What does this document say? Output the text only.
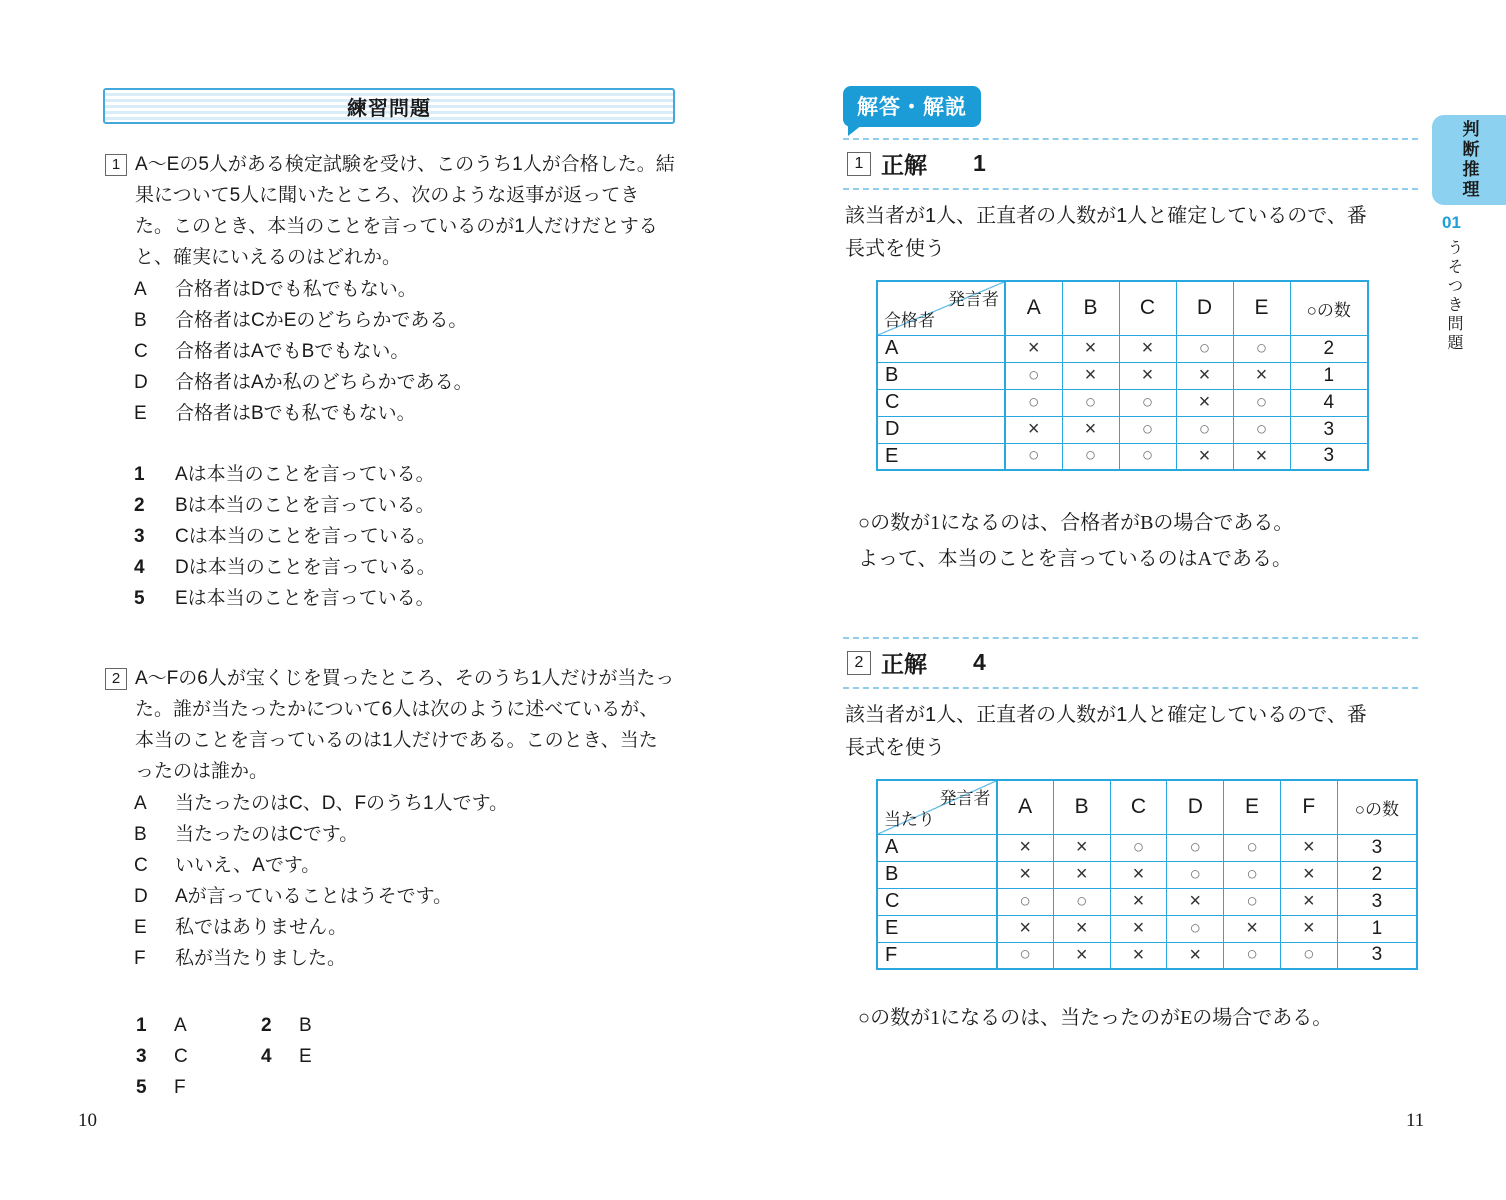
練習問題
1 A〜Eの5人がある検定試験を受け、このうち1人が合格した。結果について5人に聞いたところ、次のような返事が返ってきた。このとき、本当のことを言っているのが1人だけだとすると、確実にいえるのはどれか。
A	合格者はDでも私でもない。
B	合格者はCかEのどちらかである。
C	合格者はAでもBでもない。
D	合格者はAか私のどちらかである。
E	合格者はBでも私でもない。
1	Aは本当のことを言っている。
2	Bは本当のことを言っている。
3	Cは本当のことを言っている。
4	Dは本当のことを言っている。
5	Eは本当のことを言っている。
2 A〜Fの6人が宝くじを買ったところ、そのうち1人だけが当たった。誰が当たったかについて6人は次のように述べているが、本当のことを言っているのは1人だけである。このとき、当たったのは誰か。
A	当たったのはC、D、Fのうち1人です。
B	当たったのはCです。
C	いいえ、Aです。
D	Aが言っていることはうそです。
E	私ではありません。
F	私が当たりました。
1	A	2	B
3	C	4	E
5	F
10
解答・解説
1 正解 1
該当者が1人、正直者の人数が1人と確定しているので、番
長式を使う
発言者
合格者	A	B	C	D	E	○の数
A	×	×	×	○	○	2
B	○	×	×	×	×	1
C	○	○	○	×	○	4
D	×	×	○	○	○	3
E	○	○	○	×	×	3
○の数が1になるのは、合格者がBの場合である。
よって、本当のことを言っているのはAである。
2 正解 4
該当者が1人、正直者の人数が1人と確定しているので、番
長式を使う
発言者
当たり	A	B	C	D	E	F	○の数
A	×	×	○	○	○	×	3
B	×	×	×	○	○	×	2
C	○	○	×	×	○	×	3
E	×	×	×	○	×	×	1
F	○	×	×	×	○	○	3
○の数が1になるのは、当たったのがEの場合である。
判断推理
01
うそつき問題
11
